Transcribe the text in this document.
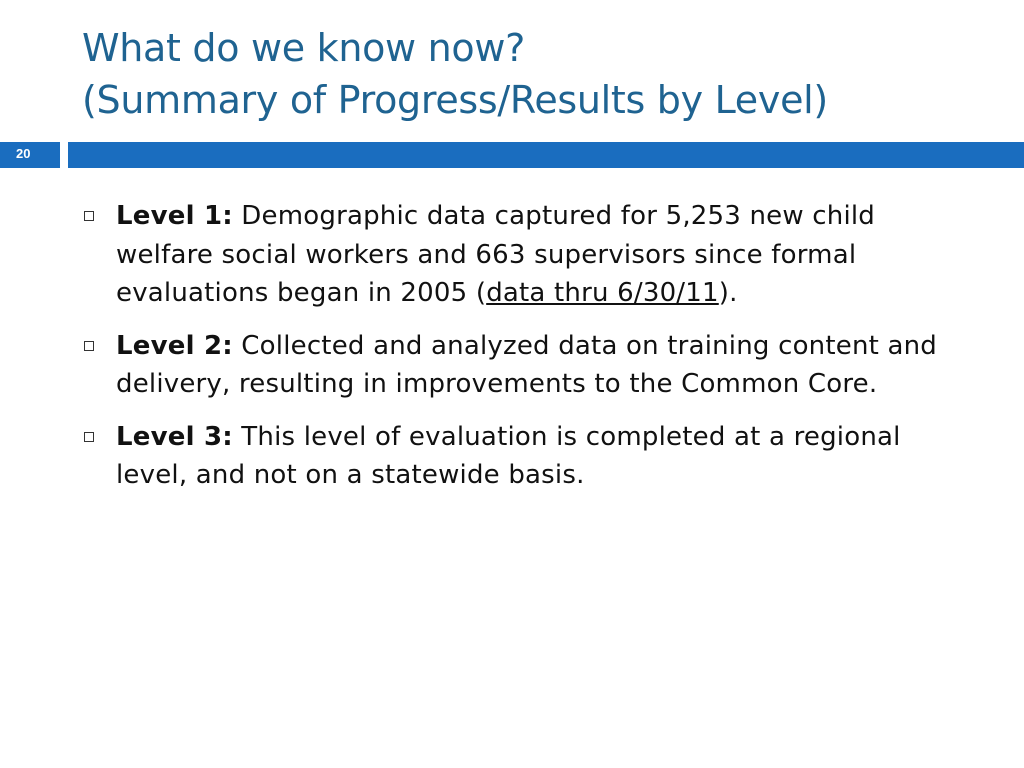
What do we know now?
(Summary of Progress/Results by Level)
20
Level 1: Demographic data captured for 5,253 new child welfare social workers and 663 supervisors since formal evaluations began in 2005 (data thru 6/30/11).
Level 2: Collected and analyzed data on training content and delivery, resulting in improvements to the Common Core.
Level 3: This level of evaluation is completed at a regional level, and not on a statewide basis.
